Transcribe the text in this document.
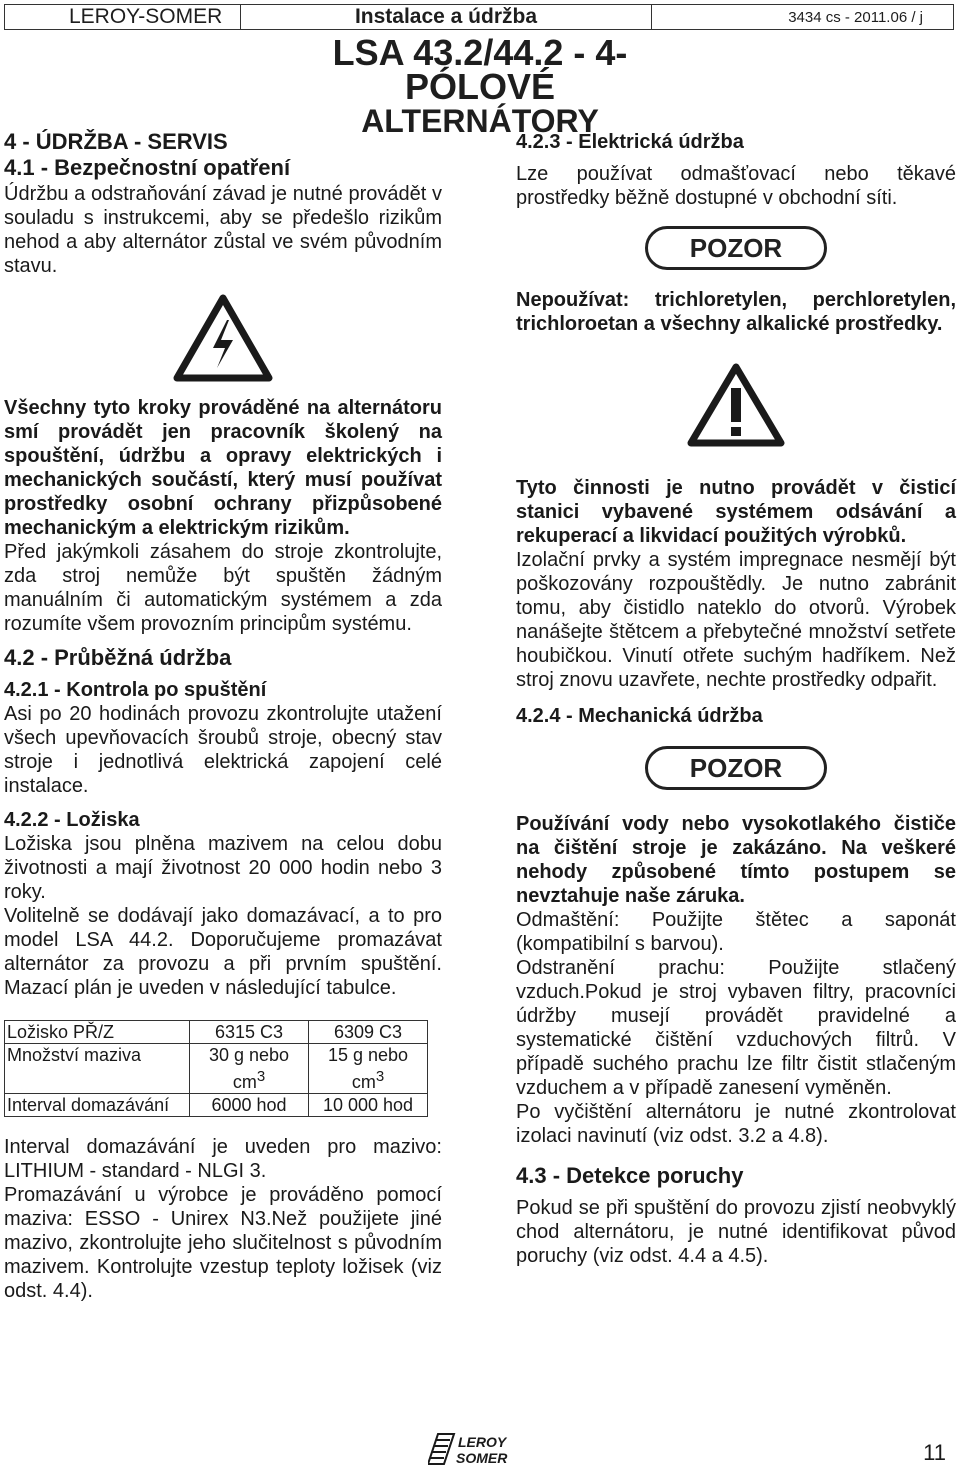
LEROY-SOMER	Instalace a údržba	3434 cs - 2011.06 / j
LSA 43.2/44.2 - 4-PÓLOVÉ
ALTERNÁTORY

4 - ÚDRŽBA - SERVIS

4.1 - Bezpečnostní opatření

Údržbu a odstraňování závad je nutné provádět v souladu s instrukcemi, aby se předešlo rizikům nehod a aby alternátor zůstal ve svém původním stavu.

Všechny tyto kroky prováděné na alternátoru smí provádět jen pracovník školený na spouštění, údržbu a opravy elektrických i mechanických součástí, který musí používat prostředky osobní ochrany přizpůsobené mechanickým a elektrickým rizikům.

Před jakýmkoli zásahem do stroje zkontrolujte, zda stroj nemůže být spuštěn žádným manuálním či automatickým systémem a zda rozumíte všem provozním principům systému.

4.2 - Průběžná údržba

4.2.1 - Kontrola po spuštění

Asi po 20 hodinách provozu zkontrolujte utažení všech upevňovacích šroubů stroje, obecný stav stroje i jednotlivá elektrická zapojení celé instalace.

4.2.2 - Ložiska

Ložiska jsou plněna mazivem na celou dobu životnosti a mají životnost 20 000 hodin nebo 3 roky.

Volitelně se dodávají jako domazávací, a to pro model LSA 44.2. Doporučujeme promazávat alternátor za provozu a při prvním spuštění. Mazací plán je uveden v následující tabulce.

Ložisko PŘ/Z	6315 C3	6309 C3
Množství maziva	30 g nebo $cm^3$	15 g nebo $cm^3$
Interval domazávání	6000 hod	10 000 hod

Interval domazávání je uveden pro mazivo: LITHIUM - standard - NLGI 3.

Promazávání u výrobce je prováděno pomocí maziva: ESSO - Unirex N3.Než použijete jiné mazivo, zkontrolujte jeho slučitelnost s původním mazivem. Kontrolujte vzestup teploty ložisek (viz odst. 4.4).

4.2.3 - Elektrická údržba

Lze používat odmašťovací nebo těkavé prostředky běžně dostupné v obchodní síti.

POZOR

Nepoužívat: trichloretylen, perchloretylen, trichloroetan a všechny alkalické prostředky.

Tyto činnosti je nutno provádět v čisticí stanici vybavené systémem odsávání a rekuperací a likvidací použitých výrobků.

Izolační prvky a systém impregnace nesmějí být poškozovány rozpouštědly. Je nutno zabránit tomu, aby čistidlo nateklo do otvorů. Výrobek nanášejte štětcem a přebytečné množství setřete houbičkou. Vinutí otřete suchým hadříkem. Než stroj znovu uzavřete, nechte prostředky odpařit.

4.2.4 - Mechanická údržba

POZOR

Používání vody nebo vysokotlakého čističe na čištění stroje je zakázáno. Na veškeré nehody způsobené tímto postupem se nevztahuje naše záruka.

Odmaštění: Použijte štětec a saponát (kompatibilní s barvou).

Odstranění prachu: Použijte stlačený vzduch.Pokud je stroj vybaven filtry, pracovníci údržby musejí provádět pravidelné a systematické čištění vzduchových filtrů. V případě suchého prachu lze filtr čistit stlačeným vzduchem a v případě zanesení vyměněn.

Po vyčištění alternátoru je nutné zkontrolovat izolaci navinutí (viz odst. 3.2 a 4.8).

4.3 - Detekce poruchy

Pokud se při spuštění do provozu zjistí neobvyklý chod alternátoru, je nutné identifikovat původ poruchy (viz odst. 4.4 a 4.5).

LEROY
SOMER	11
